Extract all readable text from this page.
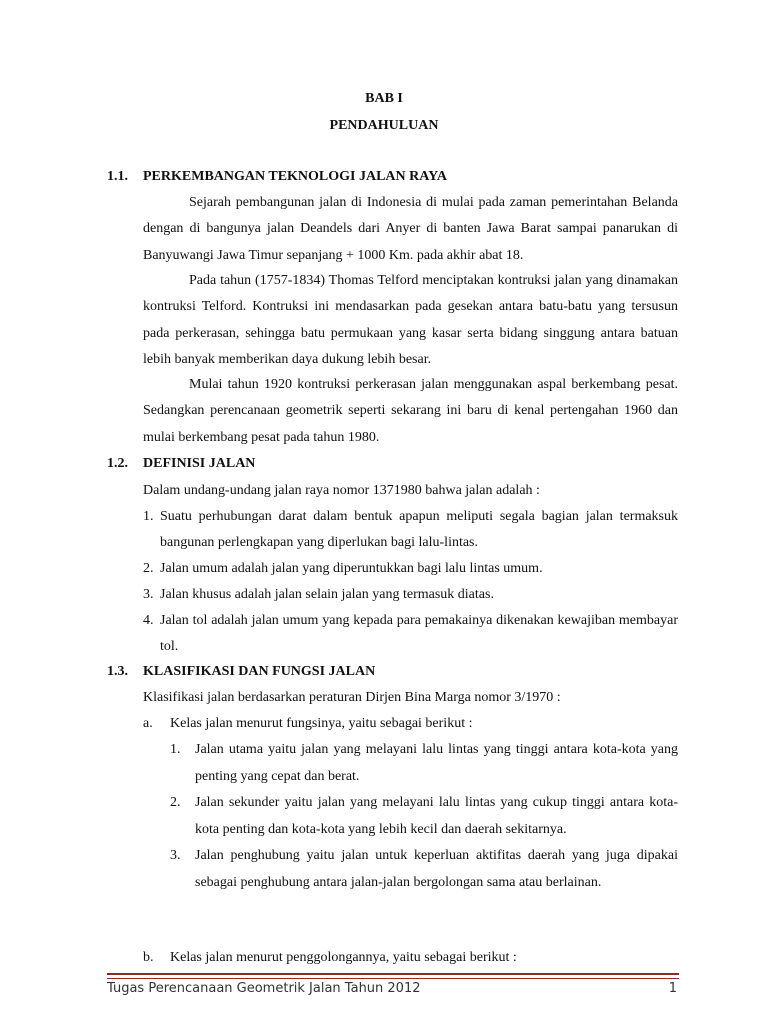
BAB I
PENDAHULUAN
1.1. PERKEMBANGAN TEKNOLOGI JALAN RAYA
Sejarah pembangunan jalan di Indonesia di mulai pada zaman pemerintahan Belanda dengan di bangunya jalan Deandels dari Anyer di banten Jawa Barat sampai panarukan di Banyuwangi Jawa Timur sepanjang + 1000 Km. pada akhir abat 18.
Pada tahun (1757-1834) Thomas Telford menciptakan kontruksi jalan yang dinamakan kontruksi Telford. Kontruksi ini mendasarkan pada gesekan antara batu-batu yang tersusun pada perkerasan, sehingga batu permukaan yang kasar serta bidang singgung antara batuan lebih banyak memberikan daya dukung lebih besar.
Mulai tahun 1920 kontruksi perkerasan jalan menggunakan aspal berkembang pesat. Sedangkan perencanaan geometrik seperti sekarang ini baru di kenal pertengahan 1960 dan mulai berkembang pesat pada tahun 1980.
1.2. DEFINISI JALAN
Dalam undang-undang jalan raya nomor 1371980 bahwa jalan adalah :
1. Suatu perhubungan darat dalam bentuk apapun meliputi segala bagian jalan termaksuk bangunan perlengkapan yang diperlukan bagi lalu-lintas.
2. Jalan umum adalah jalan yang diperuntukkan bagi lalu lintas umum.
3. Jalan khusus adalah jalan selain jalan yang termasuk diatas.
4. Jalan tol adalah jalan umum yang kepada para pemakainya dikenakan kewajiban membayar tol.
1.3. KLASIFIKASI DAN FUNGSI JALAN
Klasifikasi jalan berdasarkan peraturan Dirjen Bina Marga nomor 3/1970 :
a.	Kelas jalan menurut fungsinya, yaitu sebagai berikut :
1.	Jalan utama yaitu jalan yang melayani lalu lintas yang tinggi antara kota-kota yang penting yang cepat dan berat.
2.	Jalan sekunder yaitu jalan yang melayani lalu lintas yang cukup tinggi antara kota-kota penting dan kota-kota yang lebih kecil dan daerah sekitarnya.
3.	Jalan penghubung yaitu jalan untuk keperluan aktifitas daerah yang juga dipakai sebagai penghubung antara jalan-jalan bergolongan sama atau berlainan.
b.	Kelas jalan menurut penggolongannya, yaitu sebagai berikut :
Tugas Perencanaan Geometrik Jalan Tahun 2012	1
